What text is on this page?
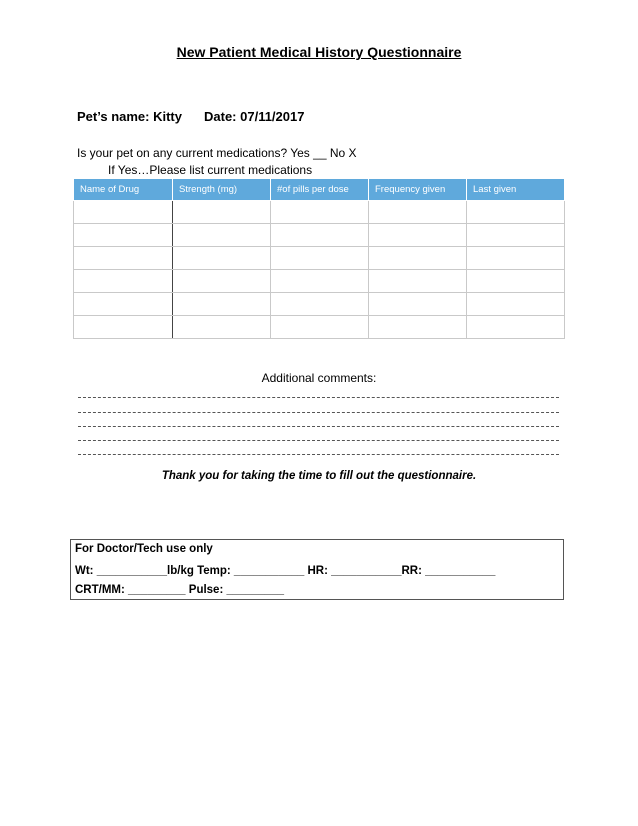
New Patient Medical History Questionnaire
Pet’s name: Kitty Date: 07/11/2017
Is your pet on any current medications? Yes __ No X
If Yes…Please list current medications
Name of Drug	Strength (mg)	#of pills per dose	Frequency given	Last given

Additional comments:
Thank you for taking the time to fill out the questionnaire.
For Doctor/Tech use only
Wt: ___________lb/kg Temp: ___________ HR: ___________RR: ___________
CRT/MM: _________ Pulse: _________
